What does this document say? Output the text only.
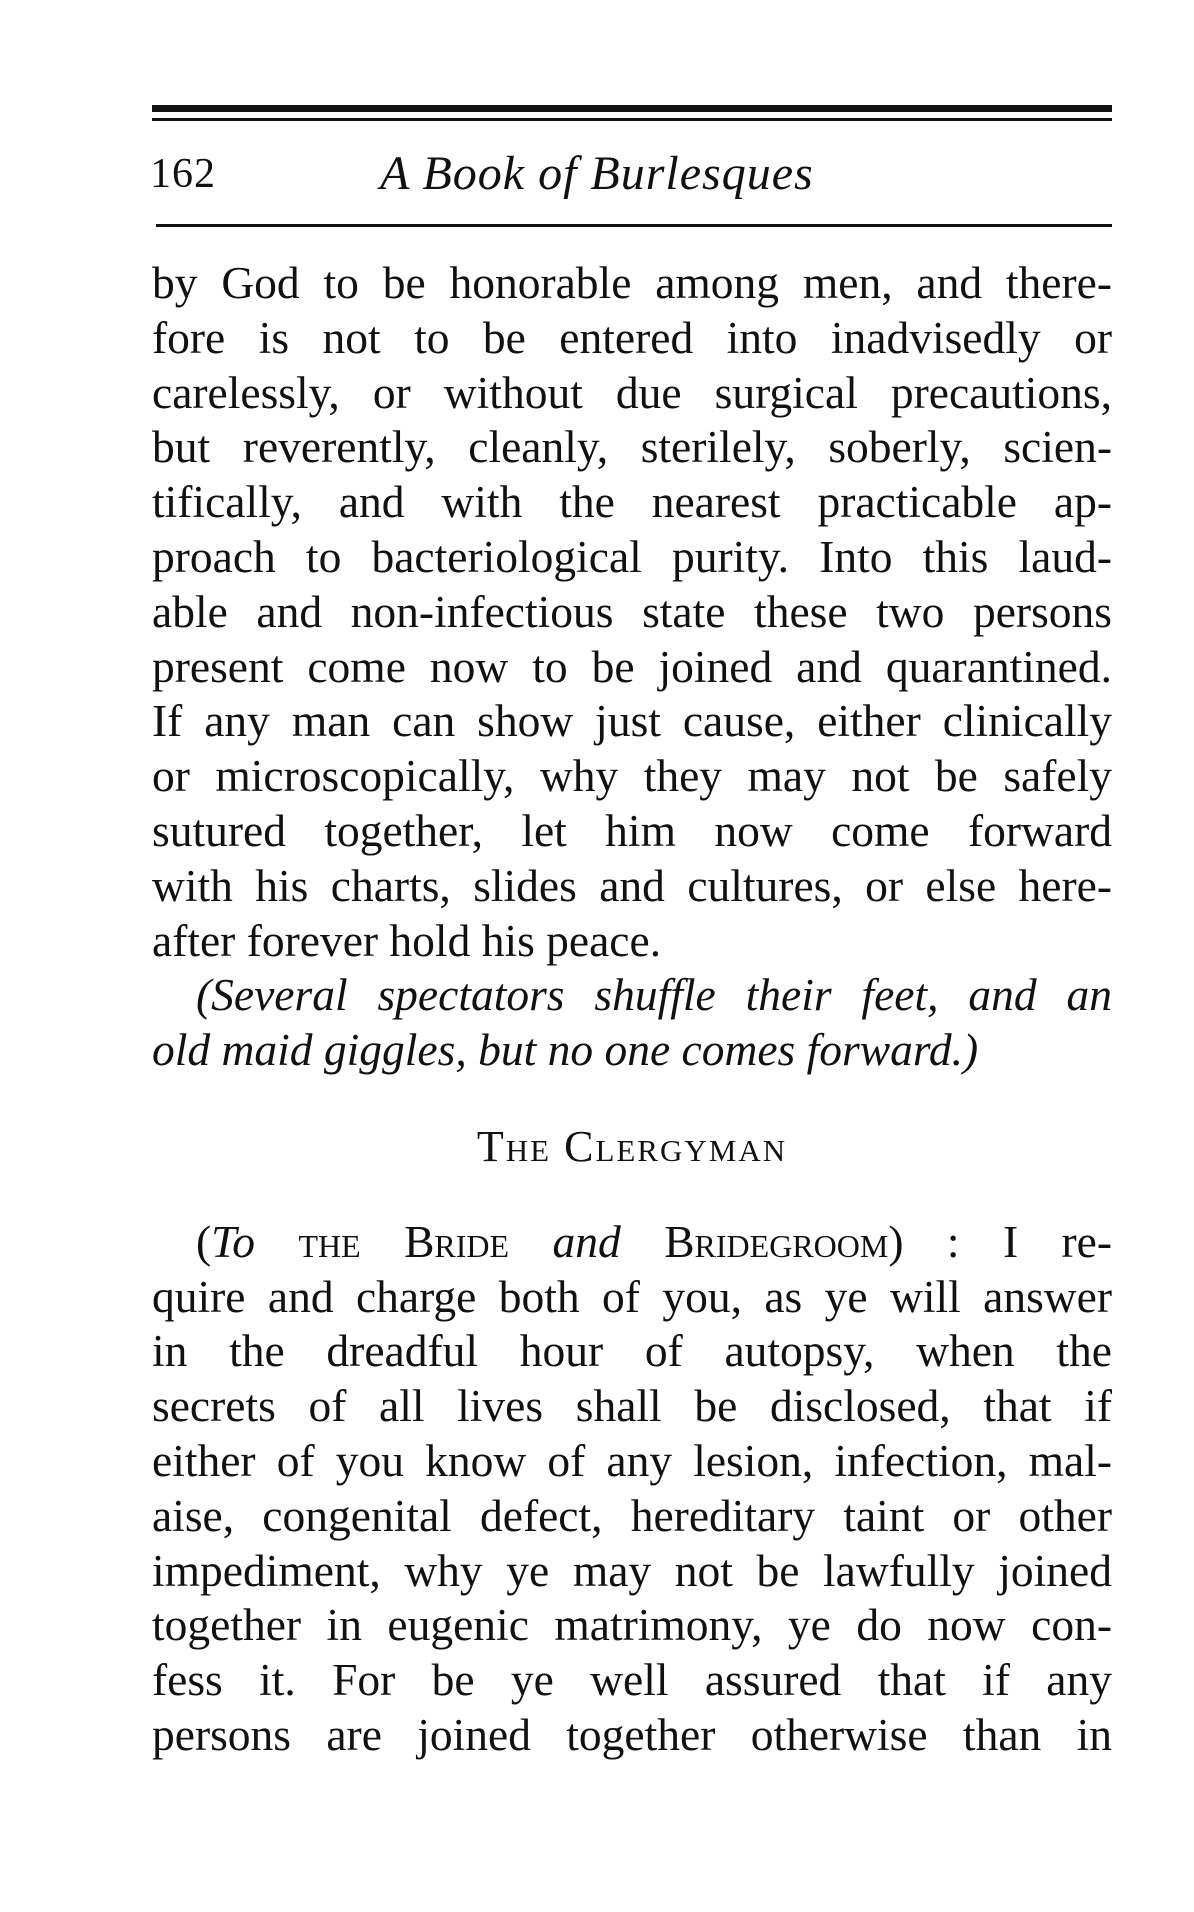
162	A Book of Burlesques
by God to be honorable among men, and there-
fore is not to be entered into inadvisedly or
carelessly, or without due surgical precautions,
but reverently, cleanly, sterilely, soberly, scien-
tifically, and with the nearest practicable ap-
proach to bacteriological purity. Into this laud-
able and non-infectious state these two persons
present come now to be joined and quarantined.
If any man can show just cause, either clinically
or microscopically, why they may not be safely
sutured together, let him now come forward
with his charts, slides and cultures, or else here-
after forever hold his peace.
(Several spectators shuffle their feet, and an
old maid giggles, but no one comes forward.)
The Clergyman
(To the Bride and Bridegroom) : I re-
quire and charge both of you, as ye will answer
in the dreadful hour of autopsy, when the
secrets of all lives shall be disclosed, that if
either of you know of any lesion, infection, mal-
aise, congenital defect, hereditary taint or other
impediment, why ye may not be lawfully joined
together in eugenic matrimony, ye do now con-
fess it. For be ye well assured that if any
persons are joined together otherwise than in
